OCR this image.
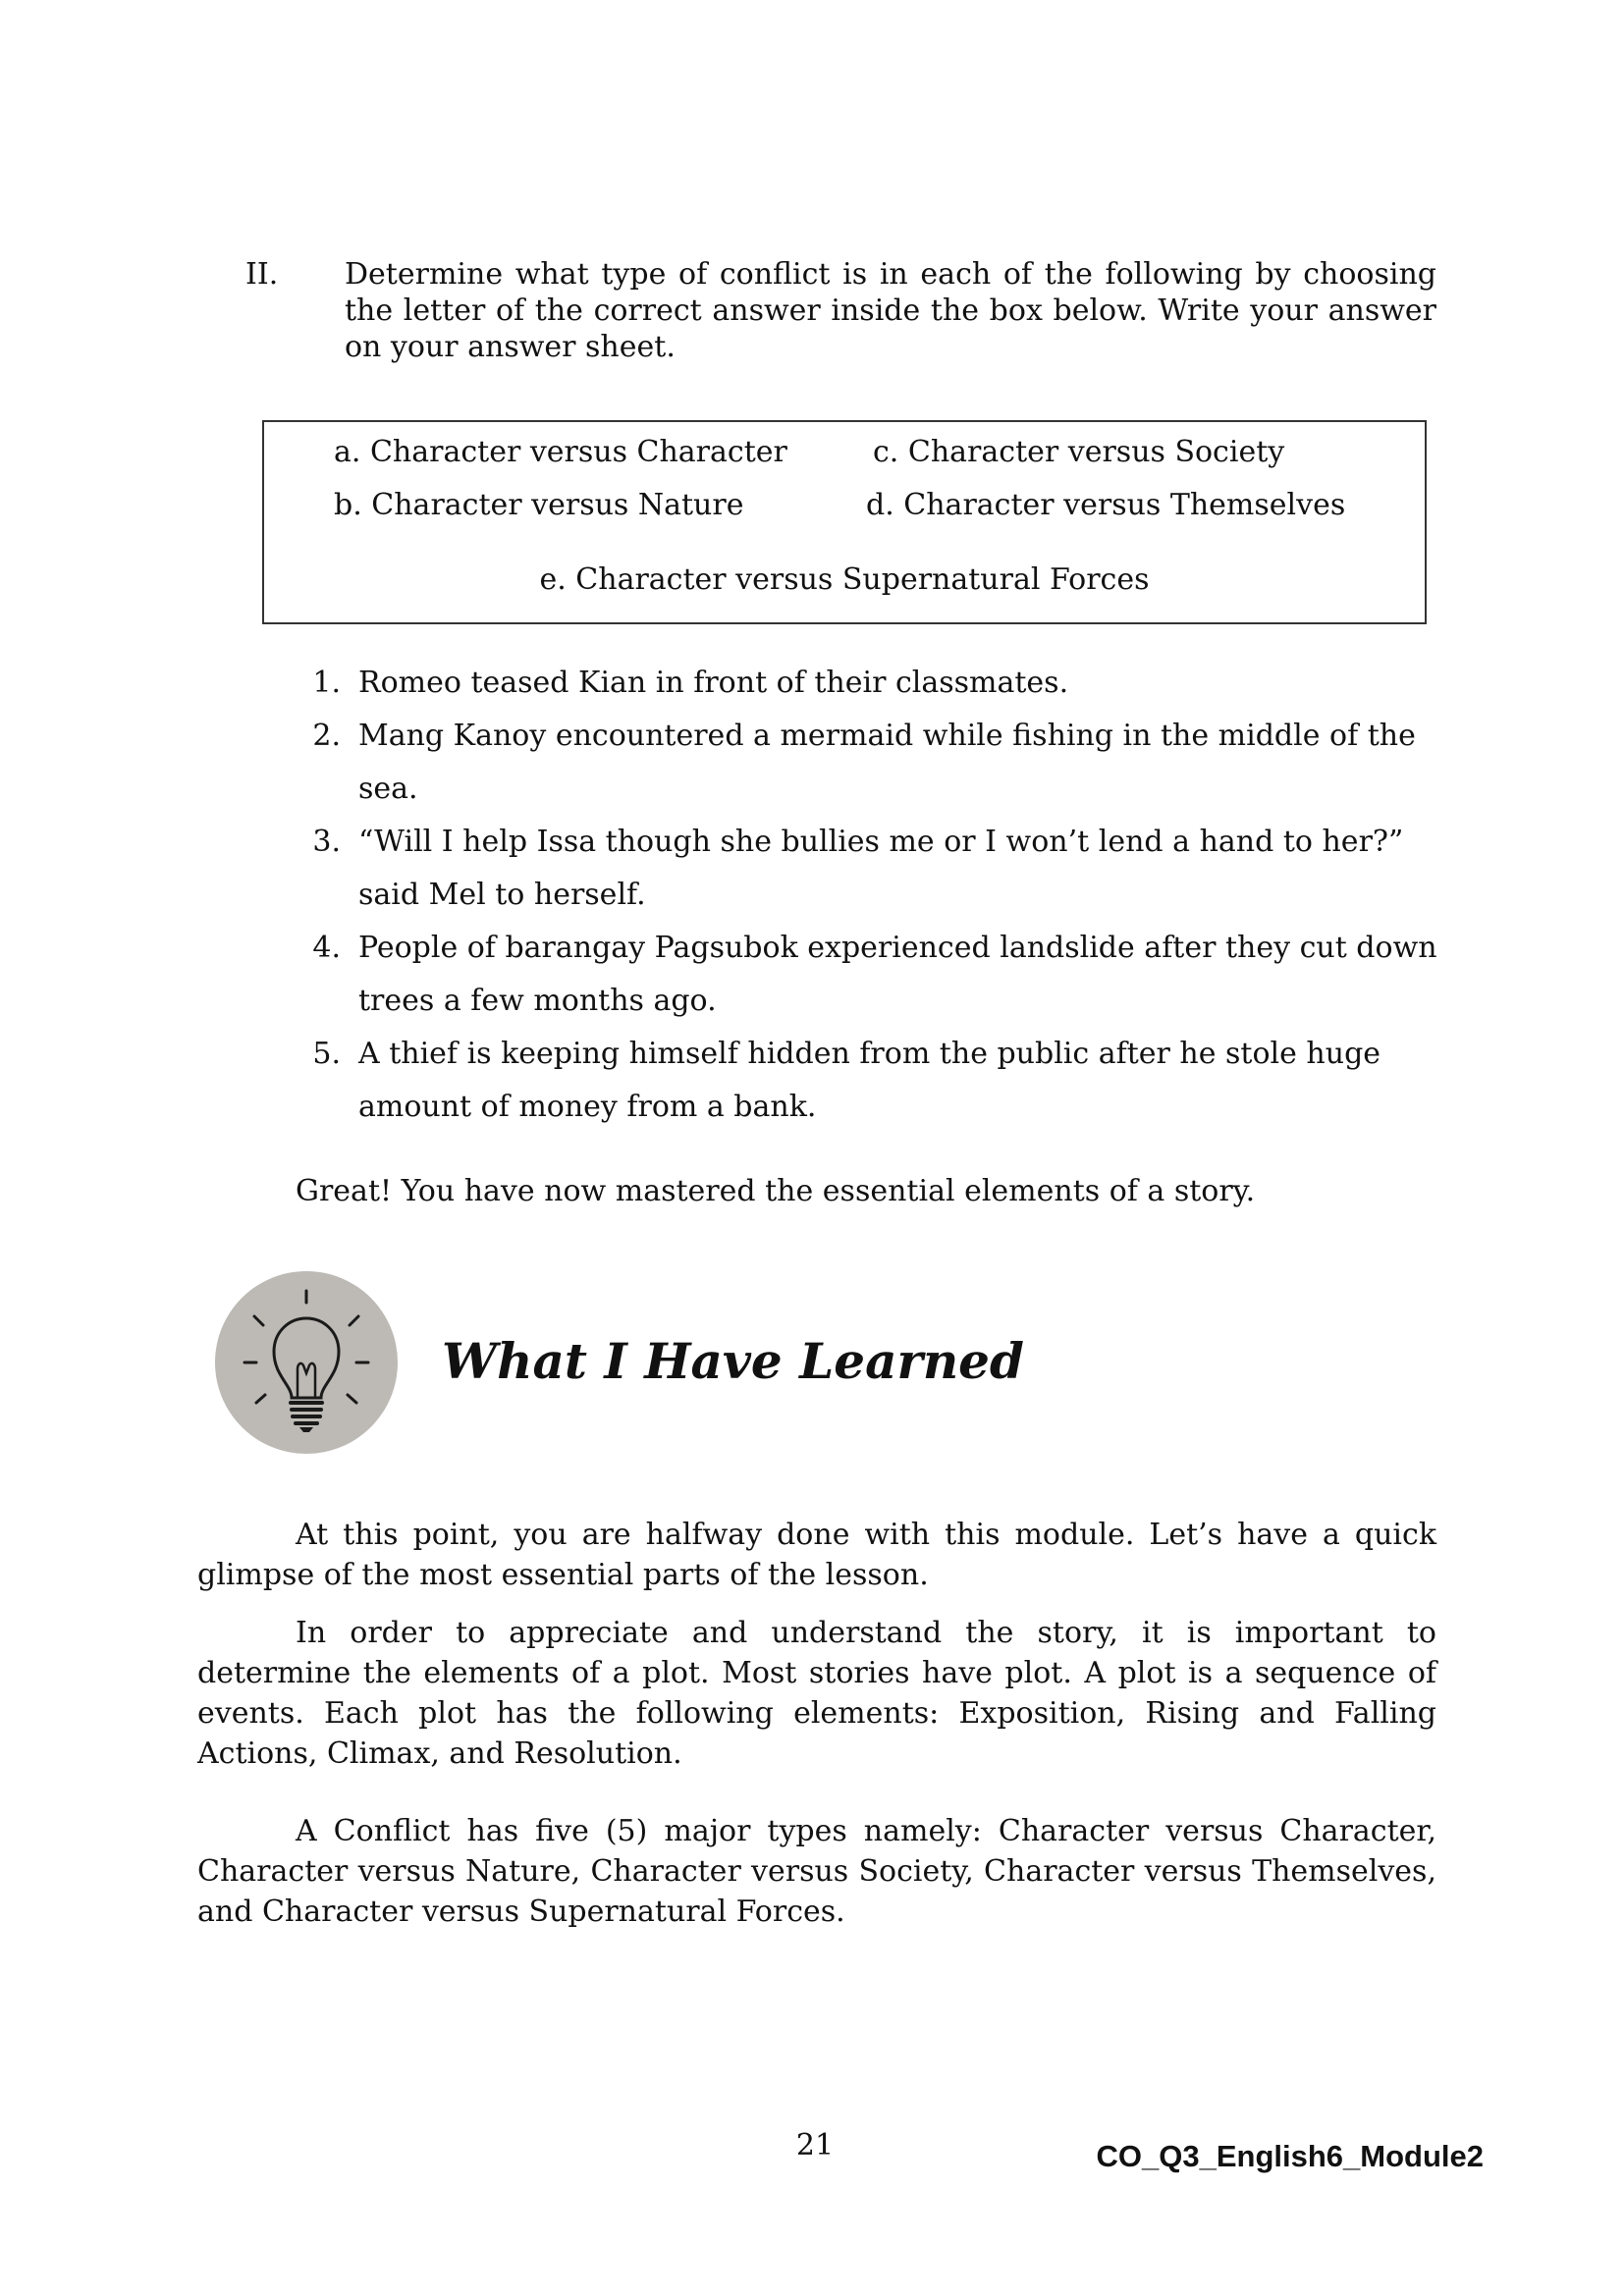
II. Determine what type of conflict is in each of the following by choosing the letter of the correct answer inside the box below. Write your answer on your answer sheet.
a. Character versus Character	c. Character versus Society
b. Character versus Nature	d. Character versus Themselves
e. Character versus Supernatural Forces
1. Romeo teased Kian in front of their classmates.
2. Mang Kanoy encountered a mermaid while fishing in the middle of the sea.
3. “Will I help Issa though she bullies me or I won’t lend a hand to her?” said Mel to herself.
4. People of barangay Pagsubok experienced landslide after they cut down trees a few months ago.
5. A thief is keeping himself hidden from the public after he stole huge amount of money from a bank.
Great! You have now mastered the essential elements of a story.
What I Have Learned
At this point, you are halfway done with this module. Let’s have a quick glimpse of the most essential parts of the lesson.
In order to appreciate and understand the story, it is important to determine the elements of a plot. Most stories have plot. A plot is a sequence of events. Each plot has the following elements: Exposition, Rising and Falling Actions, Climax, and Resolution.
A Conflict has five (5) major types namely: Character versus Character, Character versus Nature, Character versus Society, Character versus Themselves, and Character versus Supernatural Forces.
21	CO_Q3_English6_Module2
